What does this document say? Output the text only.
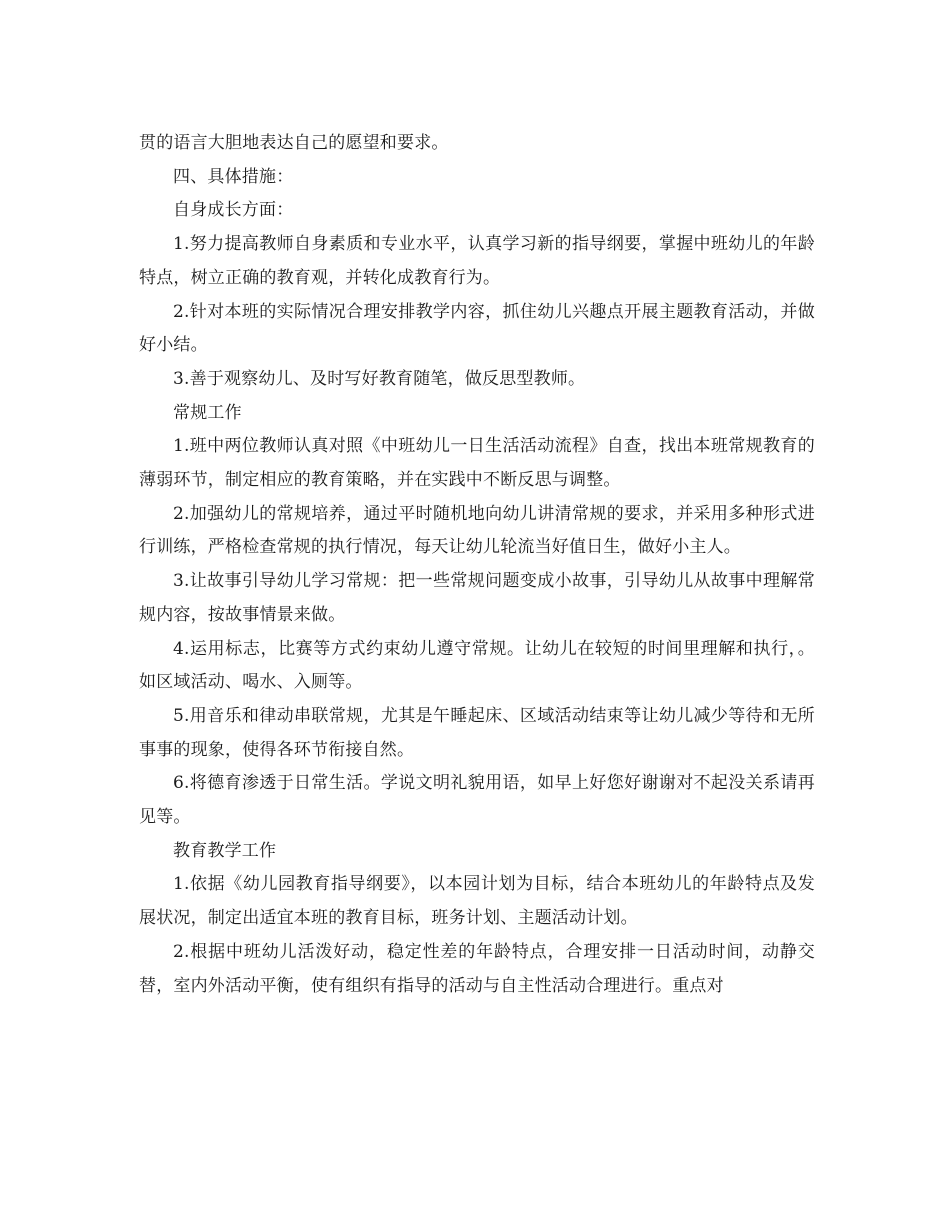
贯的语言大胆地表达自己的愿望和要求。

四、具体措施：

自身成长方面：

1.努力提高教师自身素质和专业水平，认真学习新的指导纲要，掌握中班幼儿的年龄特点，树立正确的教育观，并转化成教育行为。

2.针对本班的实际情况合理安排教学内容，抓住幼儿兴趣点开展主题教育活动，并做好小结。

3.善于观察幼儿、及时写好教育随笔，做反思型教师。

常规工作

1.班中两位教师认真对照《中班幼儿一日生活活动流程》自查，找出本班常规教育的薄弱环节，制定相应的教育策略，并在实践中不断反思与调整。

2.加强幼儿的常规培养，通过平时随机地向幼儿讲清常规的要求，并采用多种形式进行训练，严格检查常规的执行情况，每天让幼儿轮流当好值日生，做好小主人。

3.让故事引导幼儿学习常规：把一些常规问题变成小故事，引导幼儿从故事中理解常规内容，按故事情景来做。

4.运用标志，比赛等方式约束幼儿遵守常规。让幼儿在较短的时间里理解和执行，。如区域活动、喝水、入厕等。

5.用音乐和律动串联常规，尤其是午睡起床、区域活动结束等让幼儿减少等待和无所事事的现象，使得各环节衔接自然。

6.将德育渗透于日常生活。学说文明礼貌用语，如早上好您好谢谢对不起没关系请再见等。

教育教学工作

1.依据《幼儿园教育指导纲要》，以本园计划为目标，结合本班幼儿的年龄特点及发展状况，制定出适宜本班的教育目标，班务计划、主题活动计划。

2.根据中班幼儿活泼好动，稳定性差的年龄特点，合理安排一日活动时间，动静交替，室内外活动平衡，使有组织有指导的活动与自主性活动合理进行。重点对
